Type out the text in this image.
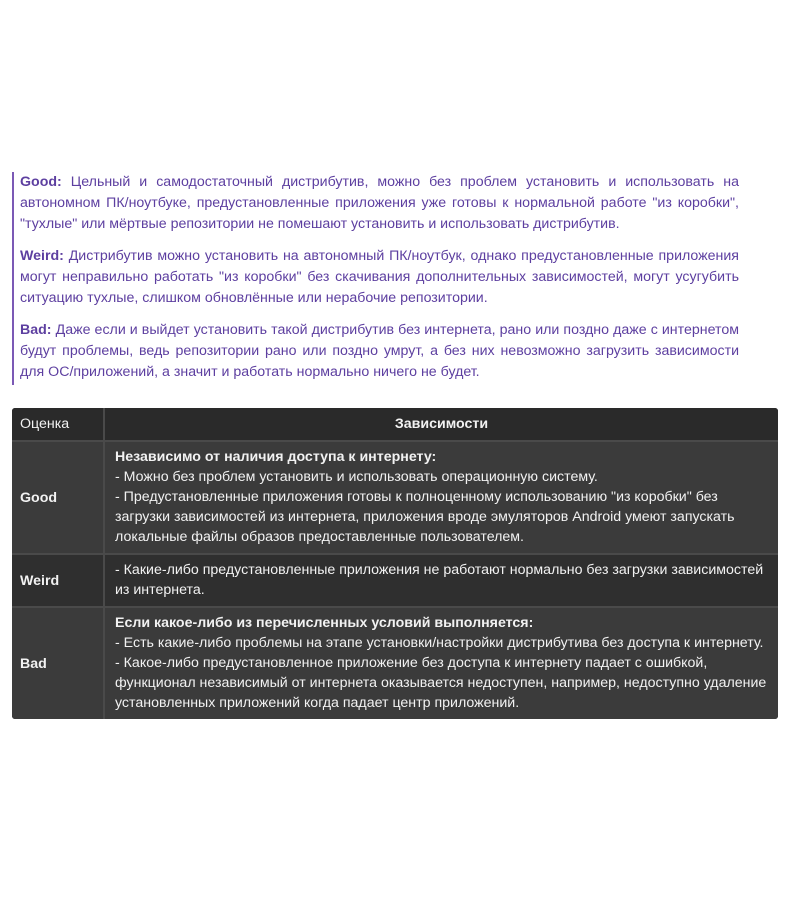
Good: Цельный и самодостаточный дистрибутив, можно без проблем установить и использовать на автономном ПК/ноутбуке, предустановленные приложения уже готовы к нормальной работе "из коробки", "тухлые" или мёртвые репозитории не помешают установить и использовать дистрибутив.

Weird: Дистрибутив можно установить на автономный ПК/ноутбук, однако предустановленные приложения могут неправильно работать "из коробки" без скачивания дополнительных зависимостей, могут усугубить ситуацию тухлые, слишком обновлённые или нерабочие репозитории.

Bad: Даже если и выйдет установить такой дистрибутив без интернета, рано или поздно даже с интернетом будут проблемы, ведь репозитории рано или поздно умрут, а без них невозможно загрузить зависимости для ОС/приложений, а значит и работать нормально ничего не будет.

Оценка	Зависимости
Good	Независимо от наличия доступа к интернету:
- Можно без проблем установить и использовать операционную систему.
- Предустановленные приложения готовы к полноценному использованию "из коробки" без загрузки зависимостей из интернета, приложения вроде эмуляторов Android умеют запускать локальные файлы образов предоставленные пользователем.

Weird	- Какие-либо предустановленные приложения не работают нормально без загрузки зависимостей из интернета.

Bad	Если какое-либо из перечисленных условий выполняется:
- Есть какие-либо проблемы на этапе установки/настройки дистрибутива без доступа к интернету.
- Какое-либо предустановленное приложение без доступа к интернету падает с ошибкой, функционал независимый от интернета оказывается недоступен, например, недоступно удаление установленных приложений когда падает центр приложений.
